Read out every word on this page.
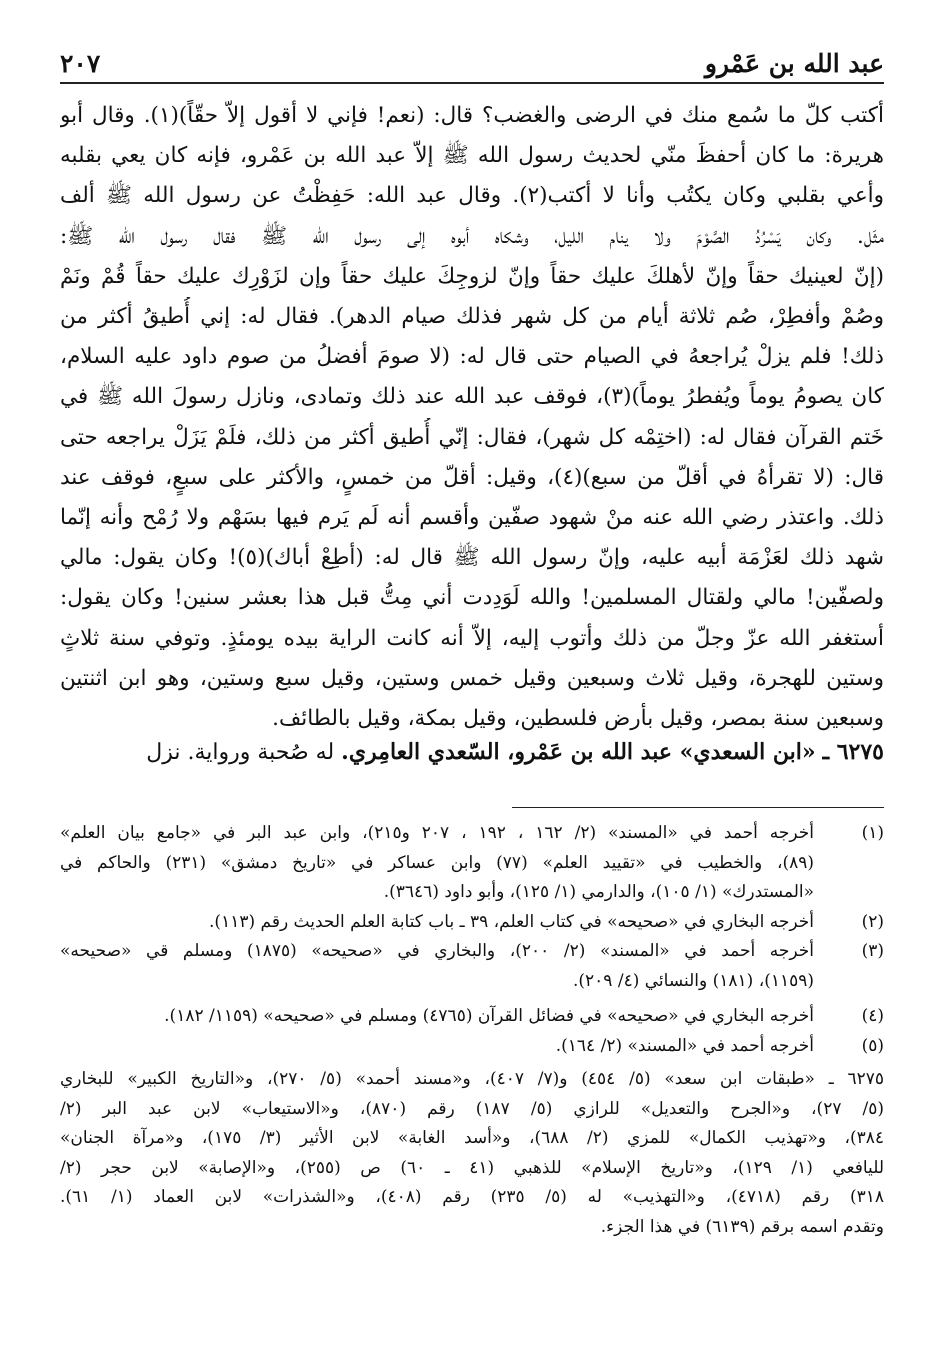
عبد الله بن عَمْرو
٢٠٧
أكتب كلّ ما سُمع منك في الرضى والغضب؟ قال: (نعم! فإني لا أقول إلاّ حقّاً)(١). وقال أبو
هريرة: ما كان أحفظَ منّي لحديث رسول الله ﷺ إلاّ عبد الله بن عَمْرو، فإنه كان يعي بقلبه
وأعي بقلبي وكان يكتُب وأنا لا أكتب(٢). وقال عبد الله: حَفِظْتُ عن رسول الله ﷺ ألف
مثَل. وكان يَسْرُدُ الصَّوْمَ ولا ينام الليل، وشكاه أبوه إلى رسول الله ﷺ فقال رسول الله ﷺ:
(إنّ لعينيك حقاً وإنّ لأهلكَ عليك حقاً وإنّ لزوجِكَ عليك حقاً وإن لزَوْرِك عليك حقاً قُمْ ونَمْ
وصُمْ وأفطِرْ، صُم ثلاثة أيام من كل شهر فذلك صيام الدهر). فقال له: إني أُطيقُ أكثر من
ذلك! فلم يزلْ يُراجعهُ في الصيام حتى قال له: (لا صومَ أفضلُ من صوم داود عليه السلام،
كان يصومُ يوماً ويُفطرُ يوماً)(٣)، فوقف عبد الله عند ذلك وتمادى، ونازل رسولَ الله ﷺ في
خَتم القرآن فقال له: (اختِمْه كل شهر)، فقال: إنّي أُطيق أكثر من ذلك، فلَمْ يَزَلْ يراجعه حتى
قال: (لا تقرأهُ في أقلّ من سبع)(٤)، وقيل: أقلّ من خمسٍ، والأكثر على سبعٍ، فوقف عند
ذلك. واعتذر رضي الله عنه منْ شهود صفّين وأقسم أنه لَم يَرم فيها بسَهْم ولا رُمْح وأنه إنّما
شهد ذلك لعَزْمَة أبيه عليه، وإنّ رسول الله ﷺ قال له: (أطِعْ أباك)(٥)! وكان يقول: مالي
ولصفّين! مالي ولقتال المسلمين! والله لَوَدِدت أني مِتُّ قبل هذا بعشر سنين! وكان يقول:
أستغفر الله عزّ وجلّ من ذلك وأتوب إليه، إلاّ أنه كانت الراية بيده يومئذٍ. وتوفي سنة ثلاثٍ
وستين للهجرة، وقيل ثلاث وسبعين وقيل خمس وستين، وقيل سبع وستين، وهو ابن اثنتين
وسبعين سنة بمصر، وقيل بأرض فلسطين، وقيل بمكة، وقيل بالطائف.
٦٢٧٥ ـ «ابن السعدي» عبد الله بن عَمْرو، السّعدي العامِري. له صُحبة ورواية. نزل
(١)
أخرجه أحمد في «المسند» (٢/ ١٦٢ ، ١٩٢ ، ٢٠٧ و٢١٥)، وابن عبد البر في «جامع بيان العلم»
(٨٩)، والخطيب في «تقييد العلم» (٧٧) وابن عساكر في «تاريخ دمشق» (٢٣١) والحاكم في
«المستدرك» (١/ ١٠٥)، والدارمي (١/ ١٢٥)، وأبو داود (٣٦٤٦).
(٢)
أخرجه البخاري في «صحيحه» في كتاب العلم، ٣٩ ـ باب كتابة العلم الحديث رقم (١١٣).
(٣)
أخرجه أحمد في «المسند» (٢/ ٢٠٠)، والبخاري في «صحيحه» (١٨٧٥) ومسلم قي «صحيحه»
(١١٥٩)، (١٨١) والنسائي (٤/ ٢٠٩).
(٤)
أخرجه البخاري في «صحيحه» في فضائل القرآن (٤٧٦٥) ومسلم في «صحيحه» (١١٥٩/ ١٨٢).
(٥)
أخرجه أحمد في «المسند» (٢/ ١٦٤).
٦٢٧٥ ـ «طبقات ابن سعد» (٥/ ٤٥٤) و(٧/ ٤٠٧)، و«مسند أحمد» (٥/ ٢٧٠)، و«التاريخ الكبير» للبخاري
(٥/ ٢٧)، و«الجرح والتعديل» للرازي (٥/ ١٨٧) رقم (٨٧٠)، و«الاستيعاب» لابن عبد البر (٢/
٣٨٤)، و«تهذيب الكمال» للمزي (٢/ ٦٨٨)، و«أسد الغابة» لابن الأثير (٣/ ١٧٥)، و«مرآة الجنان»
لليافعي (١/ ١٢٩)، و«تاريخ الإسلام» للذهبي (٤١ ـ ٦٠) ص (٢٥٥)، و«الإصابة» لابن حجر (٢/
٣١٨) رقم (٤٧١٨)، و«التهذيب» له (٥/ ٢٣٥) رقم (٤٠٨)، و«الشذرات» لابن العماد (١/ ٦١).
وتقدم اسمه برقم (٦١٣٩) في هذا الجزء.
